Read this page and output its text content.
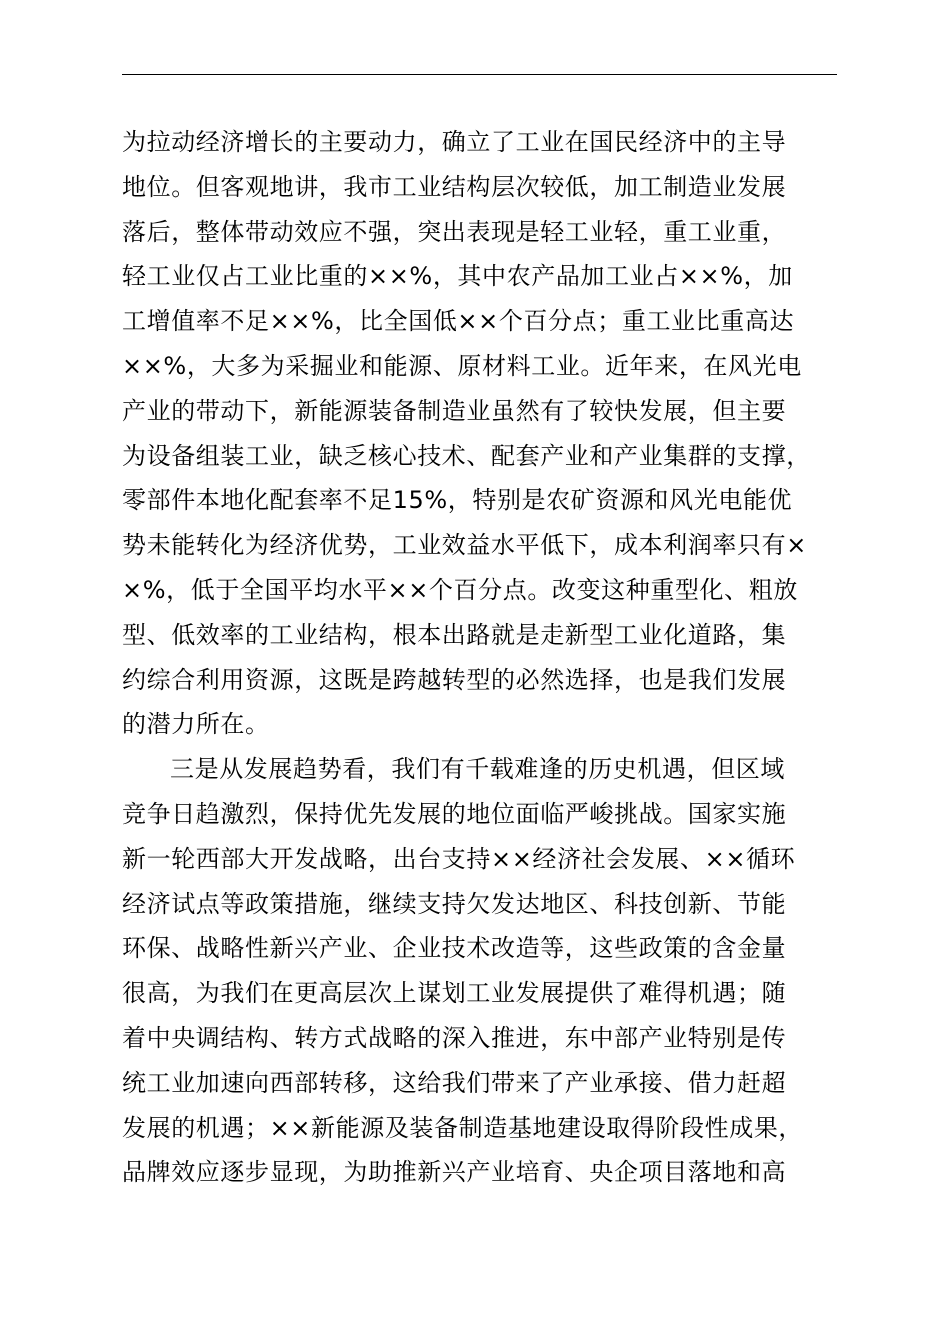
为拉动经济增长的主要动力，确立了工业在国民经济中的主导
地位。但客观地讲，我市工业结构层次较低，加工制造业发展
落后，整体带动效应不强，突出表现是轻工业轻，重工业重，
轻工业仅占工业比重的××%，其中农产品加工业占××%，加
工增值率不足××%，比全国低××个百分点；重工业比重高达
××%，大多为采掘业和能源、原材料工业。近年来，在风光电
产业的带动下，新能源装备制造业虽然有了较快发展，但主要
为设备组装工业，缺乏核心技术、配套产业和产业集群的支撑，
零部件本地化配套率不足15%，特别是农矿资源和风光电能优
势未能转化为经济优势，工业效益水平低下，成本利润率只有×
×%，低于全国平均水平××个百分点。改变这种重型化、粗放
型、低效率的工业结构，根本出路就是走新型工业化道路，集
约综合利用资源，这既是跨越转型的必然选择，也是我们发展
的潜力所在。
三是从发展趋势看，我们有千载难逢的历史机遇，但区域
竞争日趋激烈，保持优先发展的地位面临严峻挑战。国家实施
新一轮西部大开发战略，出台支持××经济社会发展、××循环
经济试点等政策措施，继续支持欠发达地区、科技创新、节能
环保、战略性新兴产业、企业技术改造等，这些政策的含金量
很高，为我们在更高层次上谋划工业发展提供了难得机遇；随
着中央调结构、转方式战略的深入推进，东中部产业特别是传
统工业加速向西部转移，这给我们带来了产业承接、借力赶超
发展的机遇；××新能源及装备制造基地建设取得阶段性成果，
品牌效应逐步显现，为助推新兴产业培育、央企项目落地和高
